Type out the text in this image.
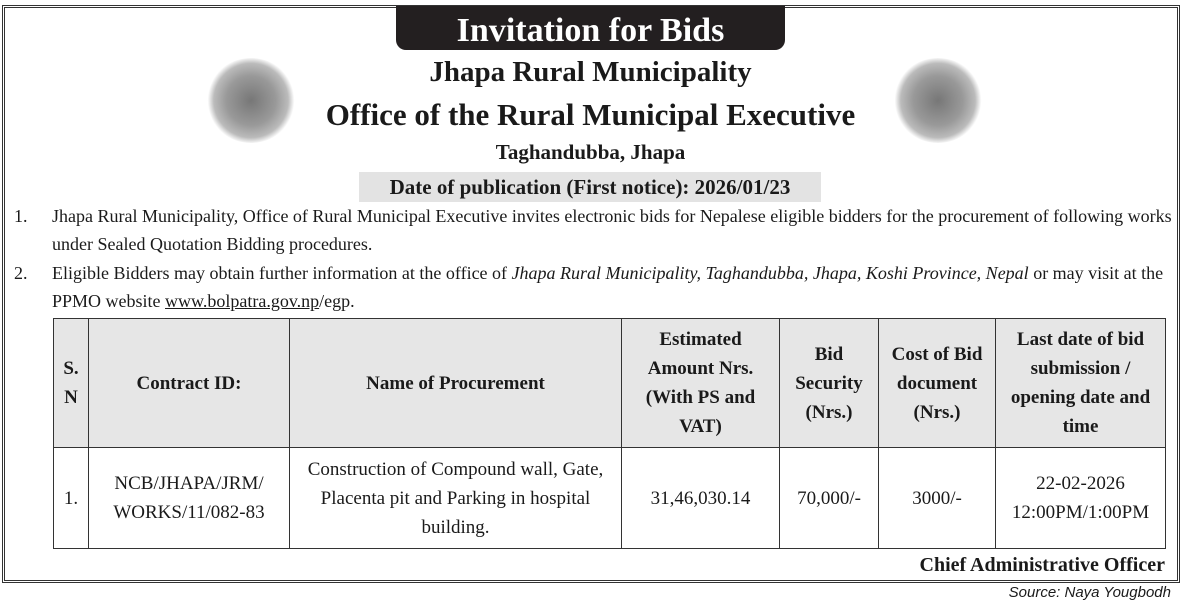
Invitation for Bids
Jhapa Rural Municipality
Office of the Rural Municipal Executive
Taghandubba, Jhapa
Date of publication (First notice): 2026/01/23
1. Jhapa Rural Municipality, Office of Rural Municipal Executive invites electronic bids for Nepalese eligible bidders for the procurement of following works under Sealed Quotation Bidding procedures.
2. Eligible Bidders may obtain further information at the office of Jhapa Rural Municipality, Taghandubba, Jhapa, Koshi Province, Nepal or may visit at the PPMO website www.bolpatra.gov.np/egp.
S. N	Contract ID:	Name of Procurement	Estimated Amount Nrs. (With PS and VAT)	Bid Security (Nrs.)	Cost of Bid document (Nrs.)	Last date of bid submission / opening date and time
1.	NCB/JHAPA/JRM/ WORKS/11/082-83	Construction of Compound wall, Gate, Placenta pit and Parking in hospital building.	31,46,030.14	70,000/-	3000/-	22-02-2026 12:00PM/1:00PM
Chief Administrative Officer
Source: Naya Yougbodh
